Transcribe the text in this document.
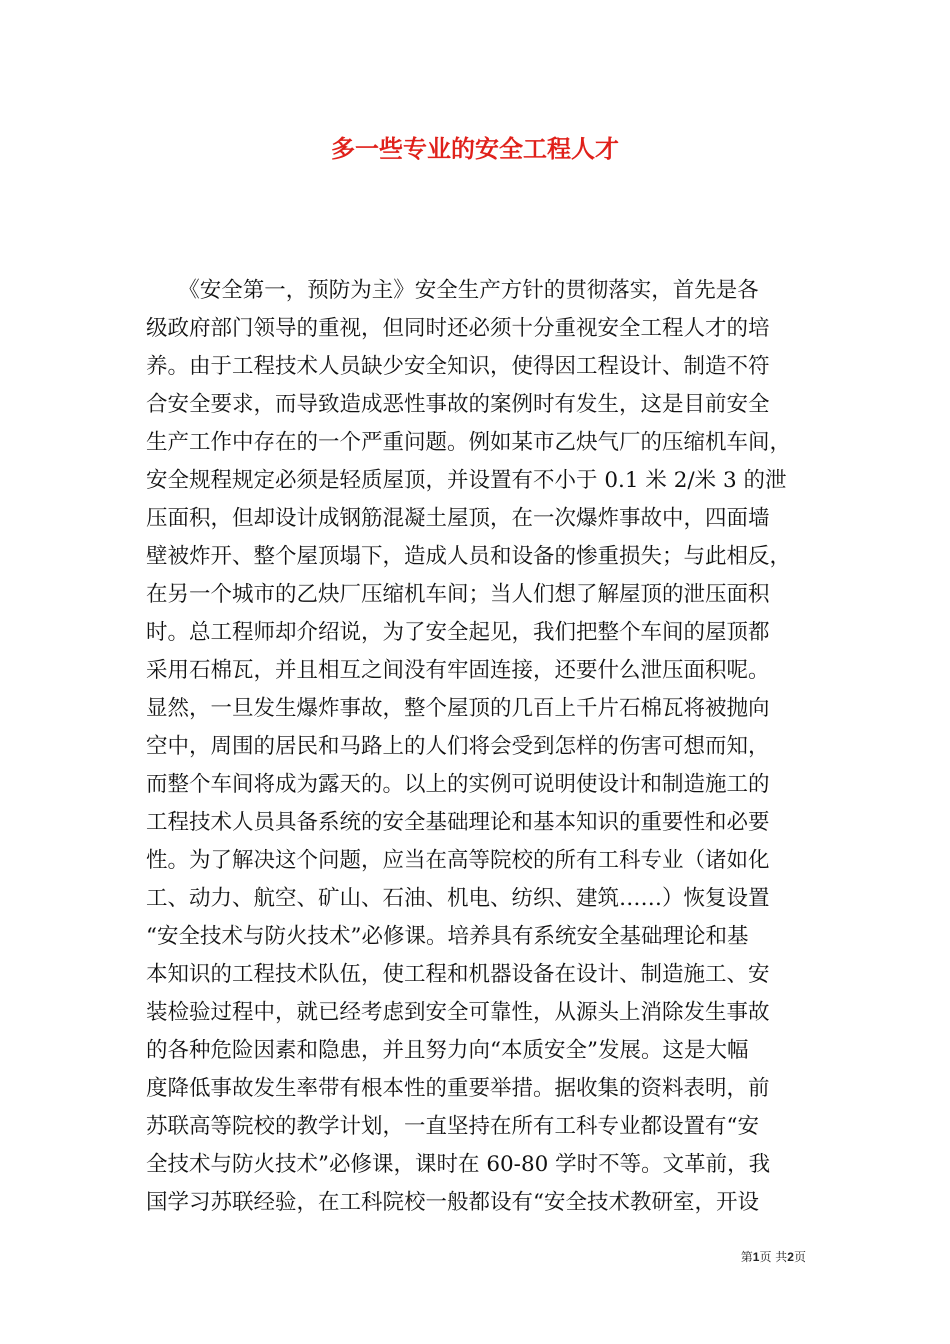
多一些专业的安全工程人才
　　《安全第一，预防为主》安全生产方针的贯彻落实，首先是各
级政府部门领导的重视，但同时还必须十分重视安全工程人才的培
养。由于工程技术人员缺少安全知识，使得因工程设计、制造不符
合安全要求，而导致造成恶性事故的案例时有发生，这是目前安全
生产工作中存在的一个严重问题。例如某市乙炔气厂的压缩机车间，
安全规程规定必须是轻质屋顶，并设置有不小于 0.1 米 2/米 3 的泄
压面积，但却设计成钢筋混凝土屋顶，在一次爆炸事故中，四面墙
壁被炸开、整个屋顶塌下，造成人员和设备的惨重损失；与此相反，
在另一个城市的乙炔厂压缩机车间；当人们想了解屋顶的泄压面积
时。总工程师却介绍说，为了安全起见，我们把整个车间的屋顶都
采用石棉瓦，并且相互之间没有牢固连接，还要什么泄压面积呢。
显然，一旦发生爆炸事故，整个屋顶的几百上千片石棉瓦将被抛向
空中，周围的居民和马路上的人们将会受到怎样的伤害可想而知，
而整个车间将成为露天的。以上的实例可说明使设计和制造施工的
工程技术人员具备系统的安全基础理论和基本知识的重要性和必要
性。为了解决这个问题，应当在高等院校的所有工科专业（诸如化
工、动力、航空、矿山、石油、机电、纺织、建筑……）恢复设置
“安全技术与防火技术”必修课。培养具有系统安全基础理论和基
本知识的工程技术队伍，使工程和机器设备在设计、制造施工、安
装检验过程中，就已经考虑到安全可靠性，从源头上消除发生事故
的各种危险因素和隐患，并且努力向“本质安全”发展。这是大幅
度降低事故发生率带有根本性的重要举措。据收集的资料表明，前
苏联高等院校的教学计划，一直坚持在所有工科专业都设置有“安
全技术与防火技术”必修课，课时在 60-80 学时不等。文革前，我
国学习苏联经验，在工科院校一般都设有“安全技术教研室，开设
第1页 共2页
